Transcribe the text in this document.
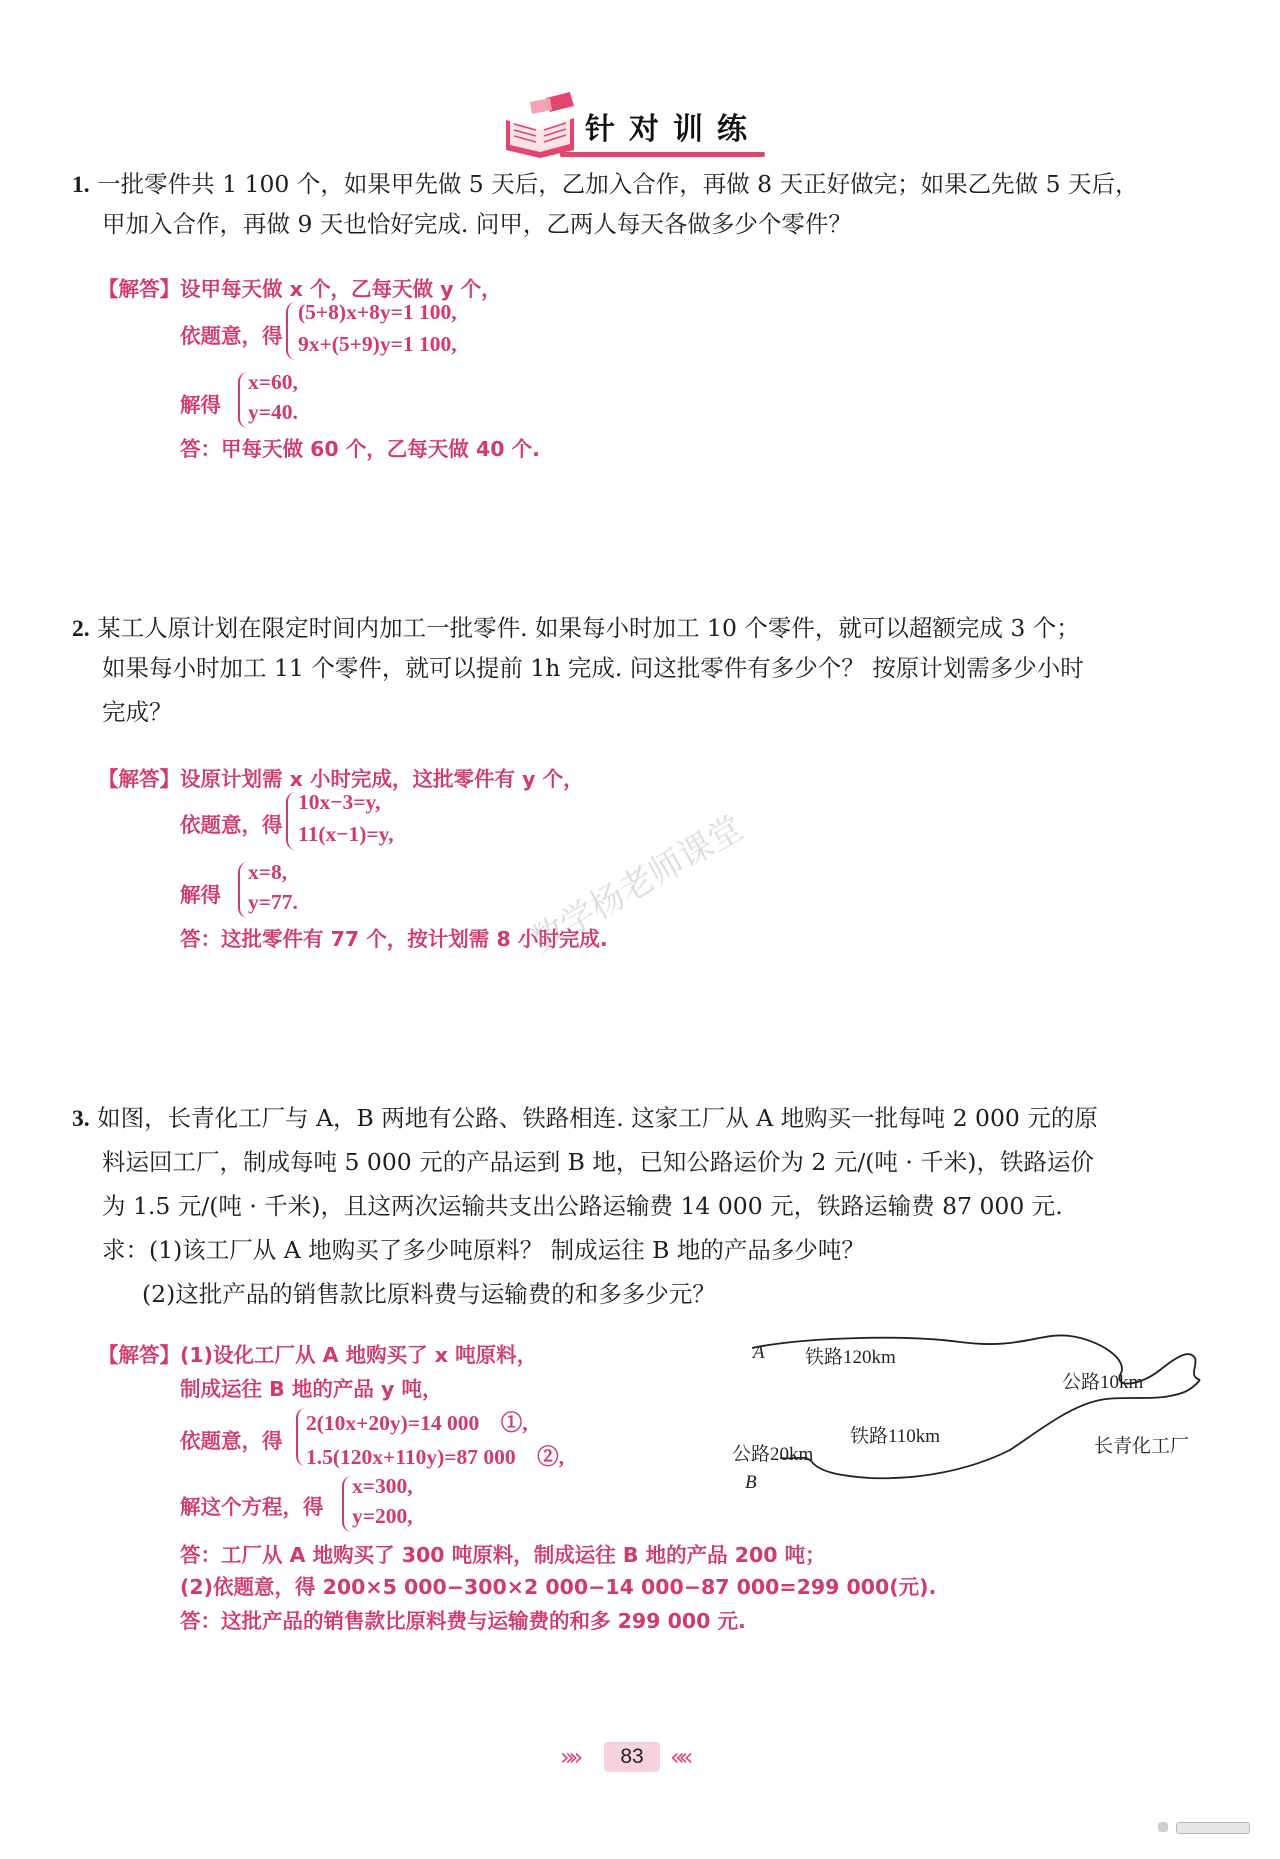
针对训练
1. 一批零件共 1 100 个，如果甲先做 5 天后，乙加入合作，再做 8 天正好做完；如果乙先做 5 天后，
甲加入合作，再做 9 天也恰好完成. 问甲，乙两人每天各做多少个零件？
【解答】设甲每天做 x 个，乙每天做 y 个，
依题意，得
(5+8)x+8y=1 100,
9x+(5+9)y=1 100,
解得
x=60,
y=40.
答：甲每天做 60 个，乙每天做 40 个.
2. 某工人原计划在限定时间内加工一批零件. 如果每小时加工 10 个零件，就可以超额完成 3 个；
如果每小时加工 11 个零件，就可以提前 1h 完成. 问这批零件有多少个？ 按原计划需多少小时
完成？
【解答】设原计划需 x 小时完成，这批零件有 y 个，
依题意，得
10x−3=y,
11(x−1)=y,
解得
x=8,
y=77.
答：这批零件有 77 个，按计划需 8 小时完成.
数学杨老师课堂
3. 如图，长青化工厂与 A，B 两地有公路、铁路相连. 这家工厂从 A 地购买一批每吨 2 000 元的原
料运回工厂，制成每吨 5 000 元的产品运到 B 地，已知公路运价为 2 元/(吨 · 千米)，铁路运价
为 1.5 元/(吨 · 千米)，且这两次运输共支出公路运输费 14 000 元，铁路运输费 87 000 元.
求：(1)该工厂从 A 地购买了多少吨原料？ 制成运往 B 地的产品多少吨？
(2)这批产品的销售款比原料费与运输费的和多多少元？
【解答】(1)设化工厂从 A 地购买了 x 吨原料，
制成运往 B 地的产品 y 吨，
依题意，得
2(10x+20y)=14 000　①,
1.5(120x+110y)=87 000　②,
解这个方程，得
x=300,
y=200,
答：工厂从 A 地购买了 300 吨原料，制成运往 B 地的产品 200 吨；
(2)依题意，得 200×5 000−300×2 000−14 000−87 000=299 000(元).
答：这批产品的销售款比原料费与运输费的和多 299 000 元.
A 铁路120km
公路10km
长青化工厂
铁路110km
公路20km
B
»»	83	««
